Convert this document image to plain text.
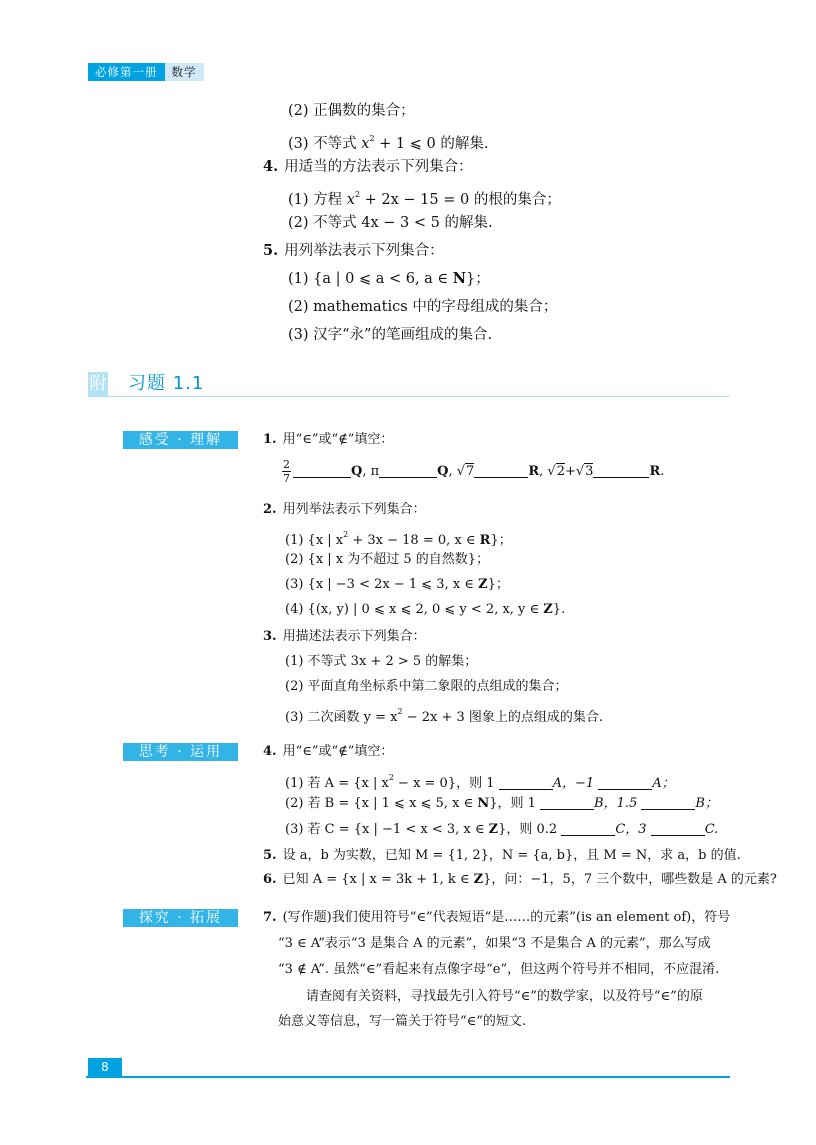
必修第一册	数学
(2) 正偶数的集合；
(3) 不等式 $x^2 + 1$ ⩽ 0 的解集.
4. 用适当的方法表示下列集合：
(1) 方程 $x^2 + 2x - 15 = 0$ 的根的集合；
(2) 不等式 4x − 3 < 5 的解集.
5. 用列举法表示下列集合：
(1) {a | 0 ⩽ a < 6, a ∈ N}；
(2) mathematics 中的字母组成的集合；
(3) 汉字“永”的笔画组成的集合.
附 习题 1.1
感受 · 理解	1. 用“∈”或“∉”填空：
$\frac{2}{7}$	Q, π	Q, √7	R, √2+√3	R.
2. 用列举法表示下列集合：
(1) {x | $x^2 + 3x - 18 = 0$, x ∈ R}；
(2) {x | x 为不超过 5 的自然数}；
(3) {x | −3 < 2x − 1 ⩽ 3, x ∈ Z}；
(4) {(x, y) | 0 ⩽ x ⩽ 2, 0 ⩽ y < 2, x, y ∈ Z}.
3. 用描述法表示下列集合：
(1) 不等式 3x + 2 > 5 的解集；
(2) 平面直角坐标系中第二象限的点组成的集合；
(3) 二次函数 $y = x^2 - 2x + 3$ 图象上的点组成的集合.
思考 · 运用	4. 用“∈”或“∉”填空：
(1) 若 A = {x | $x^2 - x = 0$}，则 1	A，−1	A；
(2) 若 B = {x | 1 ⩽ x ⩽ 5, x ∈ N}，则 1	B，1.5	B；
(3) 若 C = {x | −1 < x < 3, x ∈ Z}，则 0.2	C，3	C.
5. 设 a，b 为实数，已知 M = {1, 2}，N = {a, b}，且 M = N，求 a，b 的值.
6. 已知 A = {x | x = 3k + 1, k ∈ Z}，问：−1，5，7 三个数中，哪些数是 A 的元素?
探究 · 拓展	7. (写作题)我们使用符号“∈”代表短语“是……的元素”(is an element of)，符号
“3 ∈ A”表示“3 是集合 A 的元素”，如果“3 不是集合 A 的元素”，那么写成
“3 ∉ A”. 虽然“∈”看起来有点像字母“e”，但这两个符号并不相同，不应混淆.
请查阅有关资料，寻找最先引入符号“∈”的数学家，以及符号“∈”的原
始意义等信息，写一篇关于符号“∈”的短文.
8
